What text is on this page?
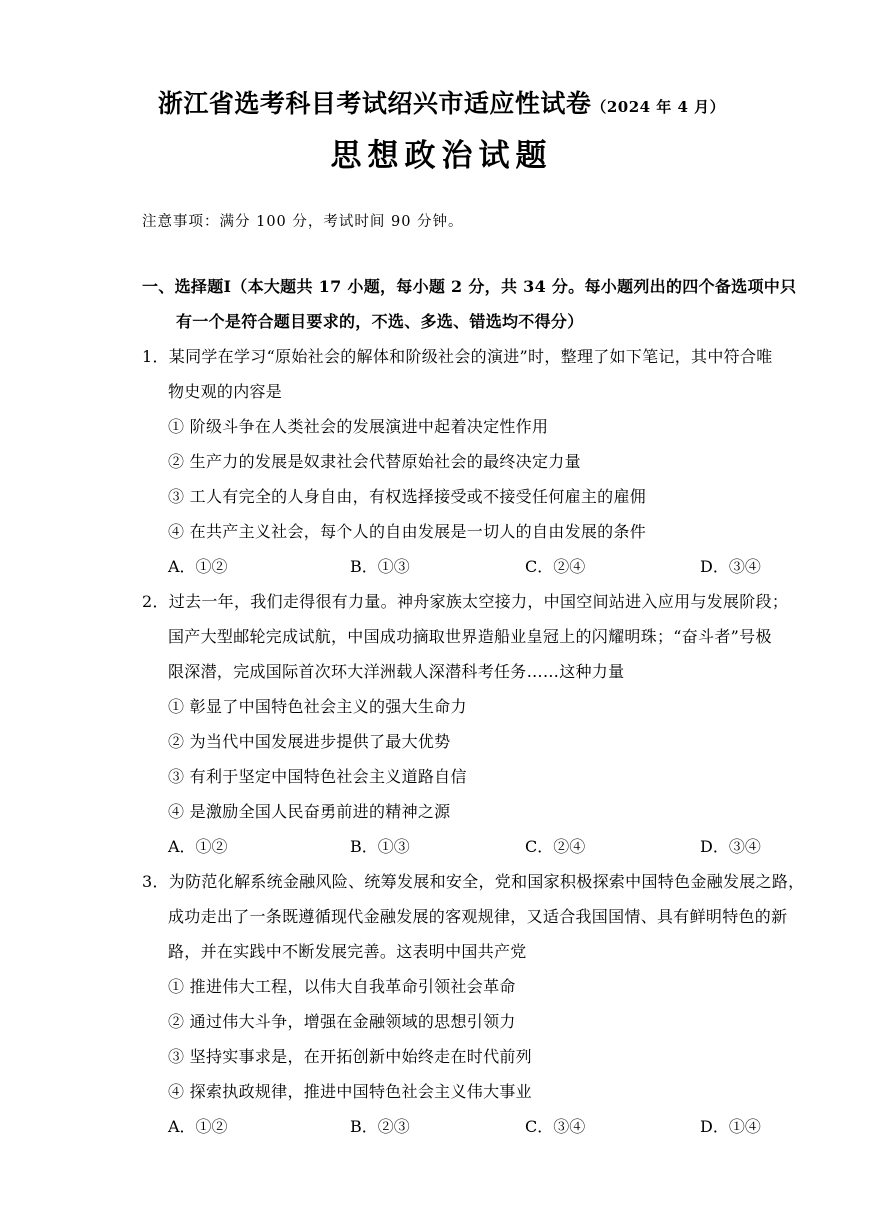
浙江省选考科目考试绍兴市适应性试卷（2024 年 4 月）
思想政治试题
注意事项：满分 100 分，考试时间 90 分钟。
一、选择题Ⅰ（本大题共 17 小题，每小题 2 分，共 34 分。每小题列出的四个备选项中只
有一个是符合题目要求的，不选、多选、错选均不得分）
1．某同学在学习“原始社会的解体和阶级社会的演进”时，整理了如下笔记，其中符合唯
物史观的内容是
① 阶级斗争在人类社会的发展演进中起着决定性作用
② 生产力的发展是奴隶社会代替原始社会的最终决定力量
③ 工人有完全的人身自由，有权选择接受或不接受任何雇主的雇佣
④ 在共产主义社会，每个人的自由发展是一切人的自由发展的条件
A．①②	B．①③	C．②④	D．③④
2．过去一年，我们走得很有力量。神舟家族太空接力，中国空间站进入应用与发展阶段；
国产大型邮轮完成试航，中国成功摘取世界造船业皇冠上的闪耀明珠；“奋斗者”号极
限深潜，完成国际首次环大洋洲载人深潜科考任务……这种力量
① 彰显了中国特色社会主义的强大生命力
② 为当代中国发展进步提供了最大优势
③ 有利于坚定中国特色社会主义道路自信
④ 是激励全国人民奋勇前进的精神之源
A．①②	B．①③	C．②④	D．③④
3．为防范化解系统金融风险、统筹发展和安全，党和国家积极探索中国特色金融发展之路，
成功走出了一条既遵循现代金融发展的客观规律，又适合我国国情、具有鲜明特色的新
路，并在实践中不断发展完善。这表明中国共产党
① 推进伟大工程，以伟大自我革命引领社会革命
② 通过伟大斗争，增强在金融领域的思想引领力
③ 坚持实事求是，在开拓创新中始终走在时代前列
④ 探索执政规律，推进中国特色社会主义伟大事业
A．①②	B．②③	C．③④	D．①④
